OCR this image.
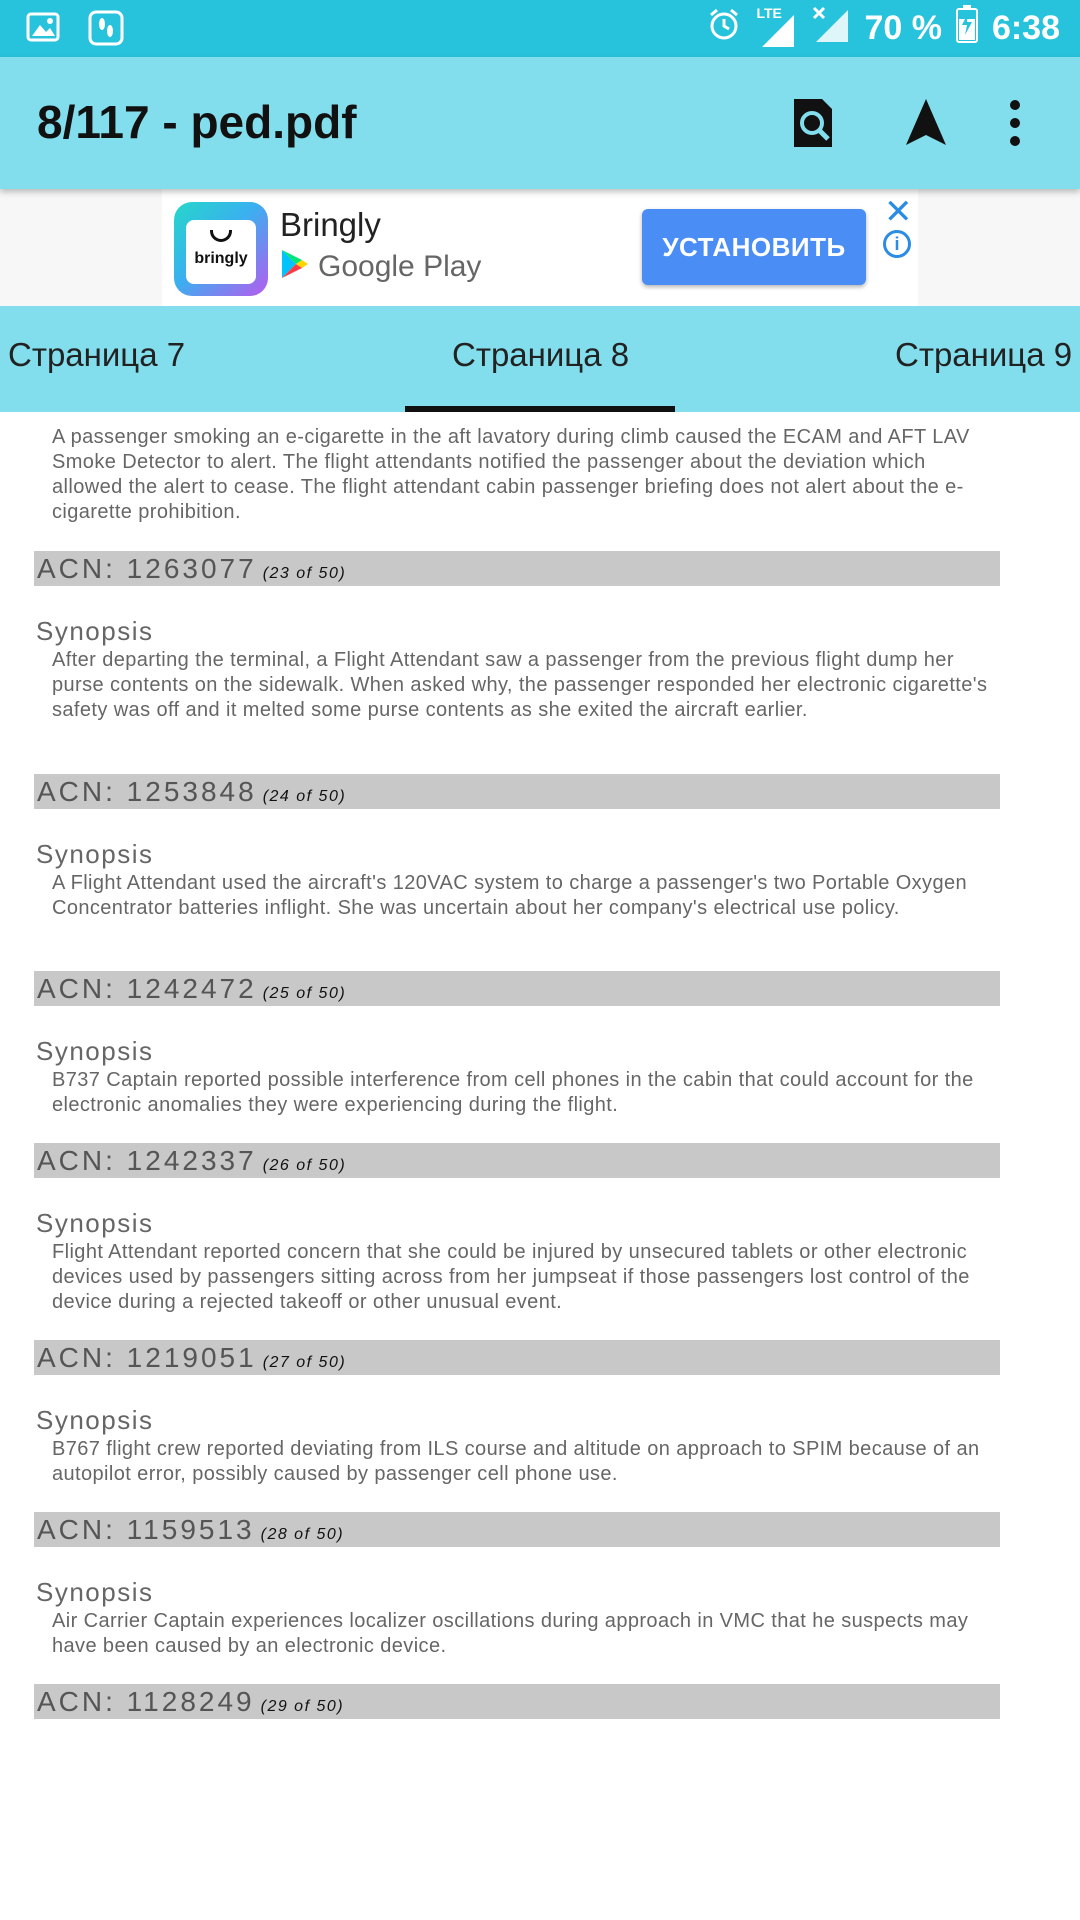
LTE 70 % 6:38
8/117 - ped.pdf
bringly
Bringly
Google Play
УСТАНОВИТЬ
✕
i
Страница 7	Страница 8	Страница 9
A passenger smoking an e-cigarette in the aft lavatory during climb caused the ECAM and AFT LAV Smoke Detector to alert. The flight attendants notified the passenger about the deviation which allowed the alert to cease. The flight attendant cabin passenger briefing does not alert about the e-cigarette prohibition.
ACN: 1263077 (23 of 50)
Synopsis
After departing the terminal, a Flight Attendant saw a passenger from the previous flight dump her purse contents on the sidewalk. When asked why, the passenger responded her electronic cigarette's safety was off and it melted some purse contents as she exited the aircraft earlier.
ACN: 1253848 (24 of 50)
Synopsis
A Flight Attendant used the aircraft's 120VAC system to charge a passenger's two Portable Oxygen Concentrator batteries inflight. She was uncertain about her company's electrical use policy.
ACN: 1242472 (25 of 50)
Synopsis
B737 Captain reported possible interference from cell phones in the cabin that could account for the electronic anomalies they were experiencing during the flight.
ACN: 1242337 (26 of 50)
Synopsis
Flight Attendant reported concern that she could be injured by unsecured tablets or other electronic devices used by passengers sitting across from her jumpseat if those passengers lost control of the device during a rejected takeoff or other unusual event.
ACN: 1219051 (27 of 50)
Synopsis
B767 flight crew reported deviating from ILS course and altitude on approach to SPIM because of an autopilot error, possibly caused by passenger cell phone use.
ACN: 1159513 (28 of 50)
Synopsis
Air Carrier Captain experiences localizer oscillations during approach in VMC that he suspects may have been caused by an electronic device.
ACN: 1128249 (29 of 50)
